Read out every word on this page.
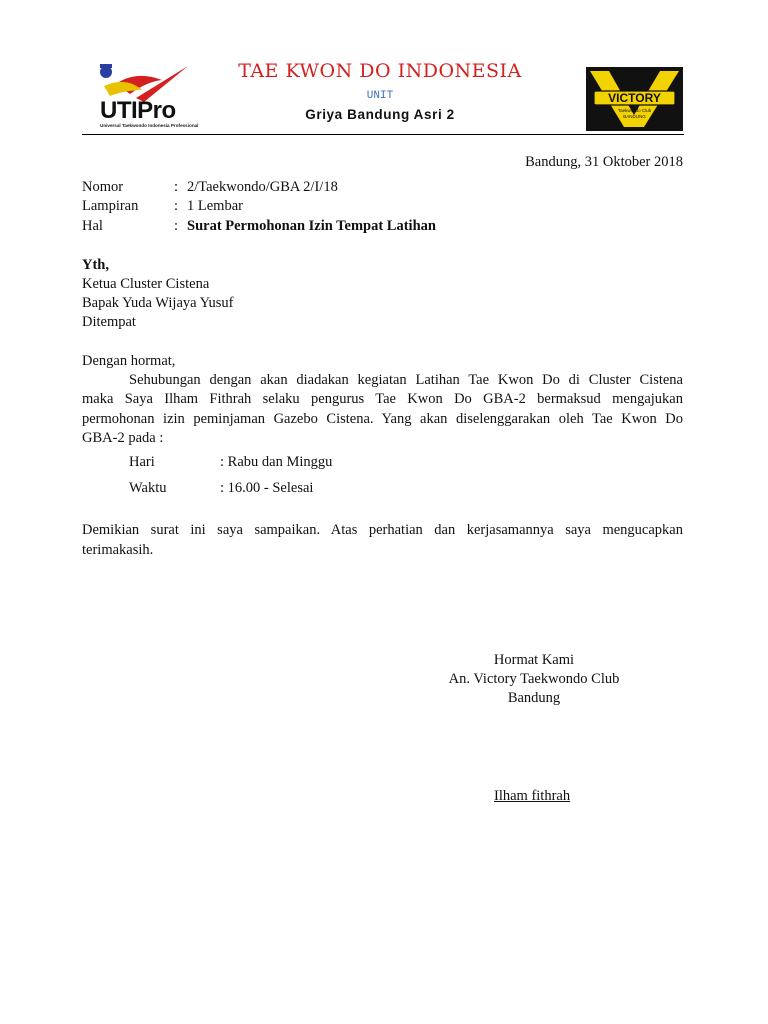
UTIPro
Universal Taekwondo Indonesia Professional
TAE KWON DO INDONESIA
UNIT
Griya Bandung Asri 2
VICTORY
Taekwondo Club
BANDUNG
Bandung, 31 Oktober 2018
Nomor	: 2/Taekwondo/GBA 2/I/18
Lampiran : 1 Lembar
Hal	: Surat Permohonan Izin Tempat Latihan
Yth,
Ketua Cluster Cistena
Bapak Yuda Wijaya Yusuf
Ditempat
Dengan hormat,
Sehubungan dengan akan diadakan kegiatan Latihan Tae Kwon Do di Cluster Cistena
maka Saya Ilham Fithrah selaku pengurus Tae Kwon Do GBA-2 bermaksud mengajukan
permohonan izin peminjaman Gazebo Cistena. Yang akan diselenggarakan oleh Tae Kwon Do
GBA-2 pada :
Hari	: Rabu dan Minggu
Waktu	: 16.00 - Selesai
Demikian surat ini saya sampaikan. Atas perhatian dan kerjasamannya saya mengucapkan
terimakasih.
Hormat Kami
An. Victory Taekwondo Club
Bandung
Ilham fithrah
